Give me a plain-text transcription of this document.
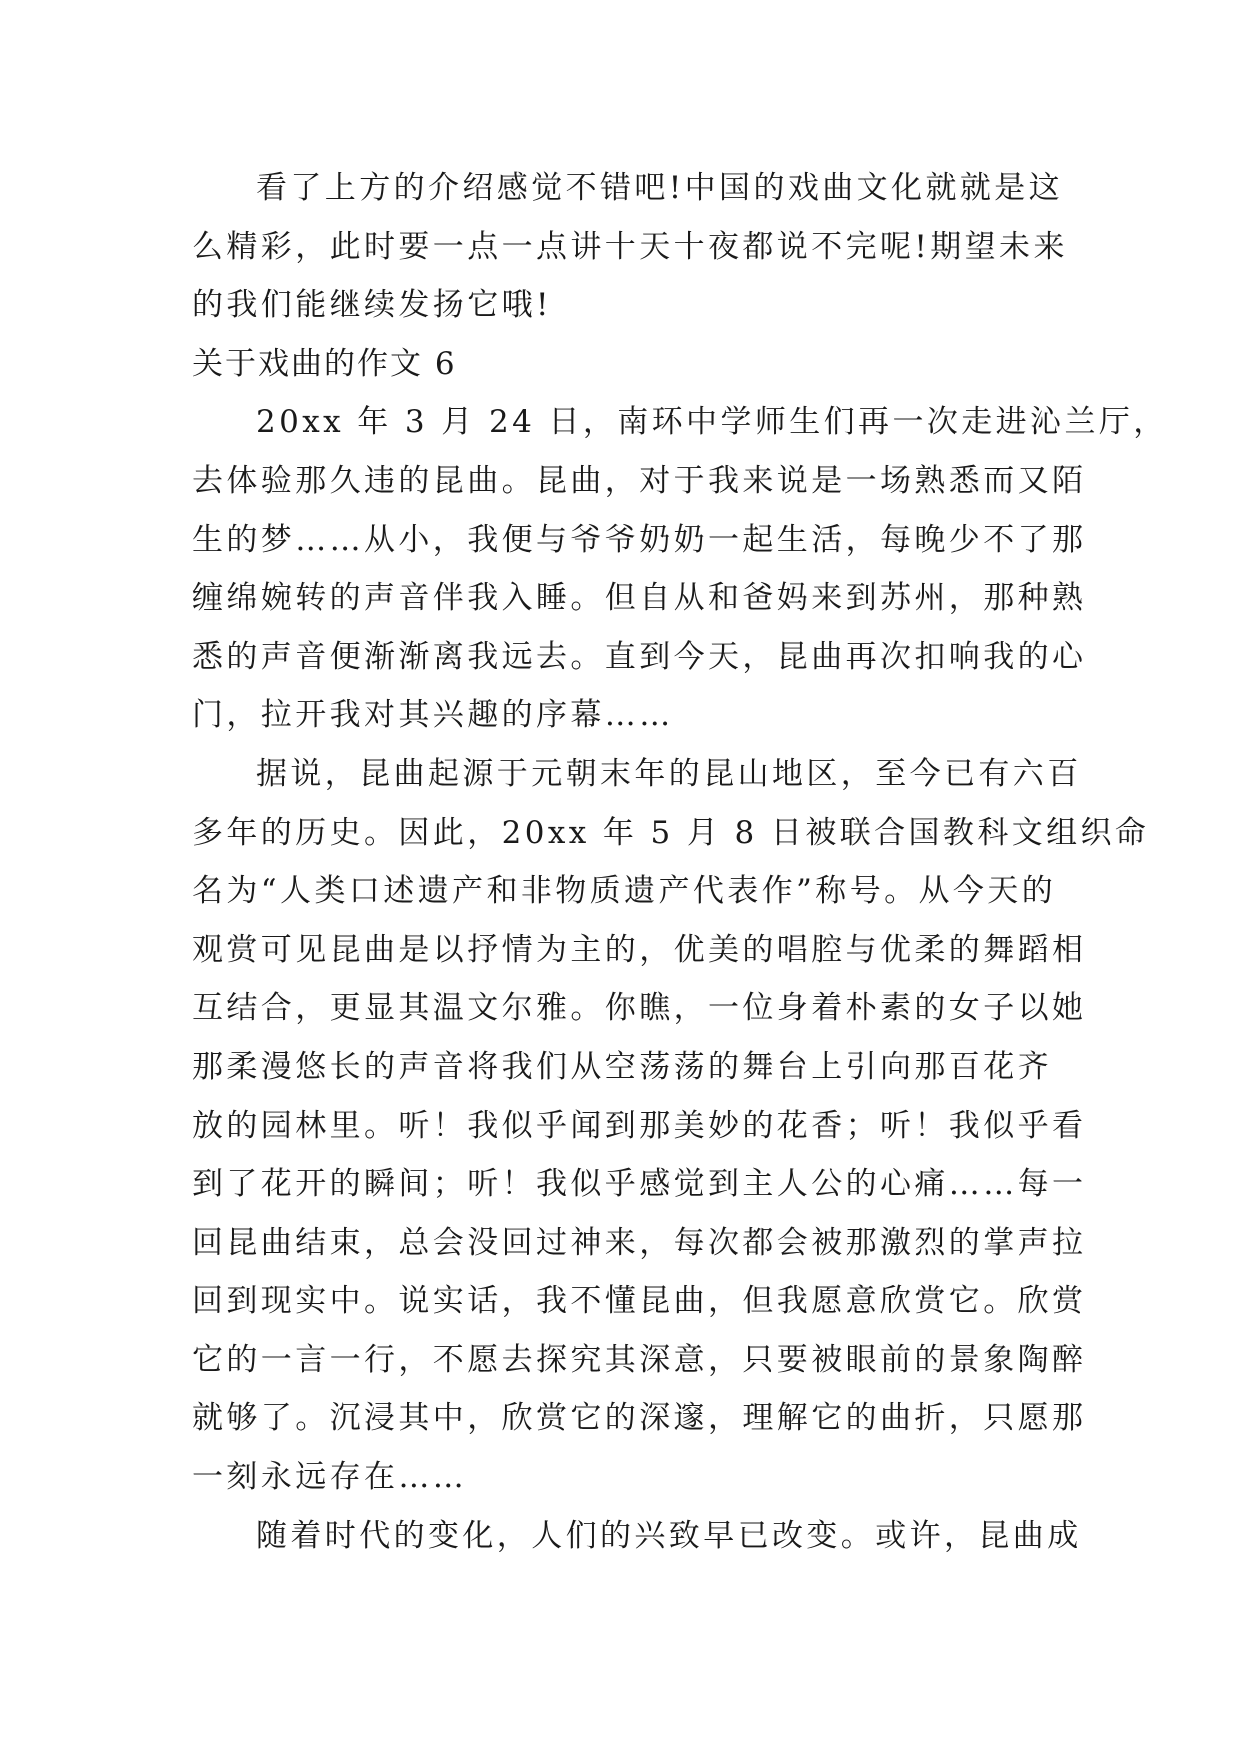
看了上方的介绍感觉不错吧!中国的戏曲文化就就是这
么精彩，此时要一点一点讲十天十夜都说不完呢!期望未来
的我们能继续发扬它哦!
关于戏曲的作文 6
20xx 年 3 月 24 日，南环中学师生们再一次走进沁兰厅，
去体验那久违的昆曲。昆曲，对于我来说是一场熟悉而又陌
生的梦……从小，我便与爷爷奶奶一起生活，每晚少不了那
缠绵婉转的声音伴我入睡。但自从和爸妈来到苏州，那种熟
悉的声音便渐渐离我远去。直到今天，昆曲再次扣响我的心
门，拉开我对其兴趣的序幕……
据说，昆曲起源于元朝末年的昆山地区，至今已有六百
多年的历史。因此，20xx 年 5 月 8 日被联合国教科文组织命
名为“人类口述遗产和非物质遗产代表作”称号。从今天的
观赏可见昆曲是以抒情为主的，优美的唱腔与优柔的舞蹈相
互结合，更显其温文尔雅。你瞧，一位身着朴素的女子以她
那柔漫悠长的声音将我们从空荡荡的舞台上引向那百花齐
放的园林里。听！我似乎闻到那美妙的花香；听！我似乎看
到了花开的瞬间；听！我似乎感觉到主人公的心痛……每一
回昆曲结束，总会没回过神来，每次都会被那激烈的掌声拉
回到现实中。说实话，我不懂昆曲，但我愿意欣赏它。欣赏
它的一言一行，不愿去探究其深意，只要被眼前的景象陶醉
就够了。沉浸其中，欣赏它的深邃，理解它的曲折，只愿那
一刻永远存在……
随着时代的变化，人们的兴致早已改变。或许，昆曲成
